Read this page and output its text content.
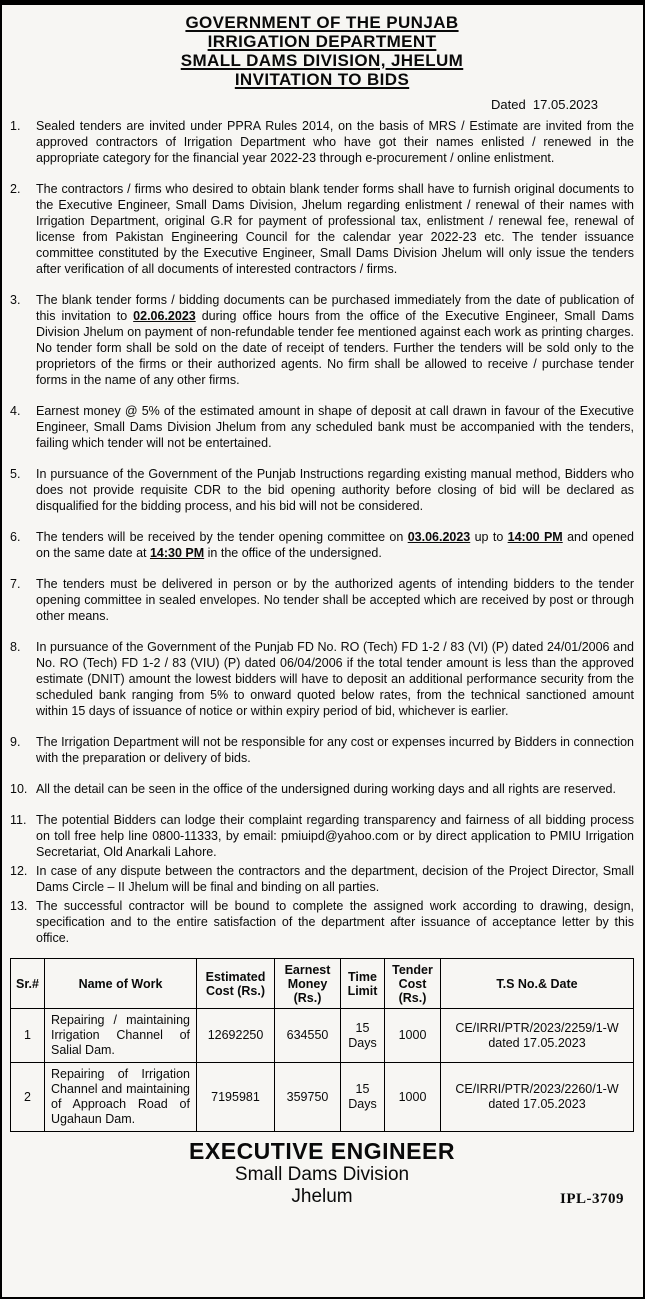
GOVERNMENT OF THE PUNJAB
IRRIGATION DEPARTMENT
SMALL DAMS DIVISION, JHELUM
INVITATION TO BIDS
Dated  17.05.2023
1.	Sealed tenders are invited under PPRA Rules 2014, on the basis of MRS / Estimate are invited from the approved contractors of Irrigation Department who have got their names enlisted / renewed in the appropriate category for the financial year 2022-23 through e-procurement / online enlistment.
2.	The contractors / firms who desired to obtain blank tender forms shall have to furnish original documents to the Executive Engineer, Small Dams Division, Jhelum regarding enlistment / renewal of their names with Irrigation Department, original G.R for payment of professional tax, enlistment / renewal fee, renewal of license from Pakistan Engineering Council for the calendar year 2022-23 etc. The tender issuance committee constituted by the Executive Engineer, Small Dams Division Jhelum will only issue the tenders after verification of all documents of interested contractors / firms.
3.	The blank tender forms / bidding documents can be purchased immediately from the date of publication of this invitation to 02.06.2023 during office hours from the office of the Executive Engineer, Small Dams Division Jhelum on payment of non-refundable tender fee mentioned against each work as printing charges. No tender form shall be sold on the date of receipt of tenders. Further the tenders will be sold only to the proprietors of the firms or their authorized agents. No firm shall be allowed to receive / purchase tender forms in the name of any other firms.
4.	Earnest money @ 5% of the estimated amount in shape of deposit at call drawn in favour of the Executive Engineer, Small Dams Division Jhelum from any scheduled bank must be accompanied with the tenders, failing which tender will not be entertained.
5.	In pursuance of the Government of the Punjab Instructions regarding existing manual method, Bidders who does not provide requisite CDR to the bid opening authority before closing of bid will be declared as disqualified for the bidding process, and his bid will not be considered.
6.	The tenders will be received by the tender opening committee on 03.06.2023 up to 14:00 PM and opened on the same date at 14:30 PM in the office of the undersigned.
7.	The tenders must be delivered in person or by the authorized agents of intending bidders to the tender opening committee in sealed envelopes. No tender shall be accepted which are received by post or through other means.
8.	In pursuance of the Government of the Punjab FD No. RO (Tech) FD 1-2 / 83 (VI) (P) dated 24/01/2006 and No. RO (Tech) FD 1-2 / 83 (VIU) (P) dated 06/04/2006 if the total tender amount is less than the approved estimate (DNIT) amount the lowest bidders will have to deposit an additional performance security from the scheduled bank ranging from 5% to onward quoted below rates, from the technical sanctioned amount within 15 days of issuance of notice or within expiry period of bid, whichever is earlier.
9.	The Irrigation Department will not be responsible for any cost or expenses incurred by Bidders in connection with the preparation or delivery of bids.
10. All the detail can be seen in the office of the undersigned during working days and all rights are reserved.
11. The potential Bidders can lodge their complaint regarding transparency and fairness of all bidding process on toll free help line 0800-11333, by email: pmiuipd@yahoo.com or by direct application to PMIU Irrigation Secretariat, Old Anarkali Lahore.
12. In case of any dispute between the contractors and the department, decision of the Project Director, Small Dams Circle – II Jhelum will be final and binding on all parties.
13. The successful contractor will be bound to complete the assigned work according to drawing, design, specification and to the entire satisfaction of the department after issuance of acceptance letter by this office.
Sr.#	Name of Work	Estimated Cost (Rs.)	Earnest Money (Rs.)	Time Limit	Tender Cost (Rs.)	T.S No.& Date
1	Repairing / maintaining Irrigation Channel of Salial Dam.	12692250	634550	15 Days	1000	CE/IRRI/PTR/2023/2259/1-W dated 17.05.2023
2	Repairing of Irrigation Channel and maintaining of Approach Road of Ugahaun Dam.	7195981	359750	15 Days	1000	CE/IRRI/PTR/2023/2260/1-W dated 17.05.2023
EXECUTIVE ENGINEER
Small Dams Division
Jhelum	IPL-3709
